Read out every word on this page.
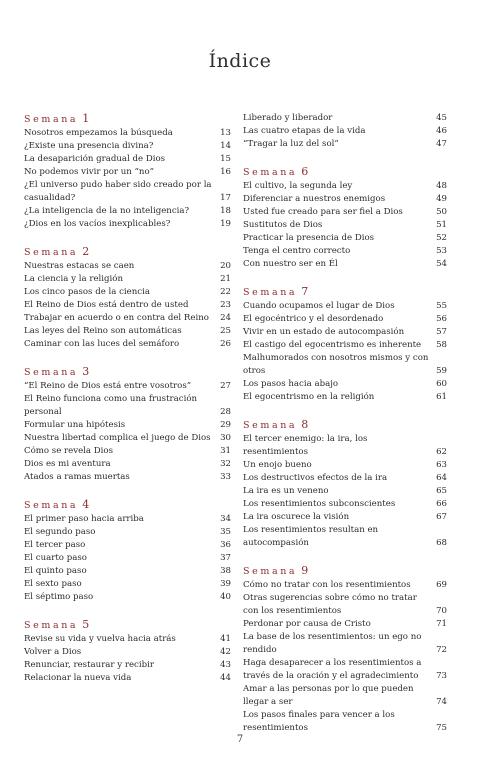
Índice
Semana 1
Nosotros empezamos la búsqueda	13
¿Existe una presencia divina?	14
La desaparición gradual de Dios	15
No podemos vivir por un “no”	16
¿El universo pudo haber sido creado por la casualidad?	17
¿La inteligencia de la no inteligencia?	18
¿Dios en los vacíos inexplicables?	19
Semana 2
Nuestras estacas se caen	20
La ciencia y la religión	21
Los cinco pasos de la ciencia	22
El Reino de Dios está dentro de usted	23
Trabajar en acuerdo o en contra del Reino	24
Las leyes del Reino son automáticas	25
Caminar con las luces del semáforo	26
Semana 3
“El Reino de Dios está entre vosotros”	27
El Reino funciona como una frustración personal	28
Formular una hipótesis	29
Nuestra libertad complica el juego de Dios	30
Cómo se revela Dios	31
Dios es mi aventura	32
Atados a ramas muertas	33
Semana 4
El primer paso hacia arriba	34
El segundo paso	35
El tercer paso	36
El cuarto paso	37
El quinto paso	38
El sexto paso	39
El séptimo paso	40
Semana 5
Revise su vida y vuelva hacia atrás	41
Volver a Dios	42
Renunciar, restaurar y recibir	43
Relacionar la nueva vida	44
Liberado y liberador	45
Las cuatro etapas de la vida	46
“Tragar la luz del sol”	47
Semana 6
El cultivo, la segunda ley	48
Diferenciar a nuestros enemigos	49
Usted fue creado para ser fiel a Dios	50
Sustitutos de Dios	51
Practicar la presencia de Dios	52
Tenga el centro correcto	53
Con nuestro ser en Él	54
Semana 7
Cuando ocupamos el lugar de Dios	55
El egocéntrico y el desordenado	56
Vivir en un estado de autocompasión	57
El castigo del egocentrismo es inherente	58
Malhumorados con nosotros mismos y con otros	59
Los pasos hacia abajo	60
El egocentrismo en la religión	61
Semana 8
El tercer enemigo: la ira, los resentimientos	62
Un enojo bueno	63
Los destructivos efectos de la ira	64
La ira es un veneno	65
Los resentimientos subconscientes	66
La ira oscurece la visión	67
Los resentimientos resultan en autocompasión	68
Semana 9
Cómo no tratar con los resentimientos	69
Otras sugerencias sobre cómo no tratar con los resentimientos	70
Perdonar por causa de Cristo	71
La base de los resentimientos: un ego no rendido	72
Haga desaparecer a los resentimientos a través de la oración y el agradecimiento	73
Amar a las personas por lo que pueden llegar a ser	74
Los pasos finales para vencer a los resentimientos	75
7
